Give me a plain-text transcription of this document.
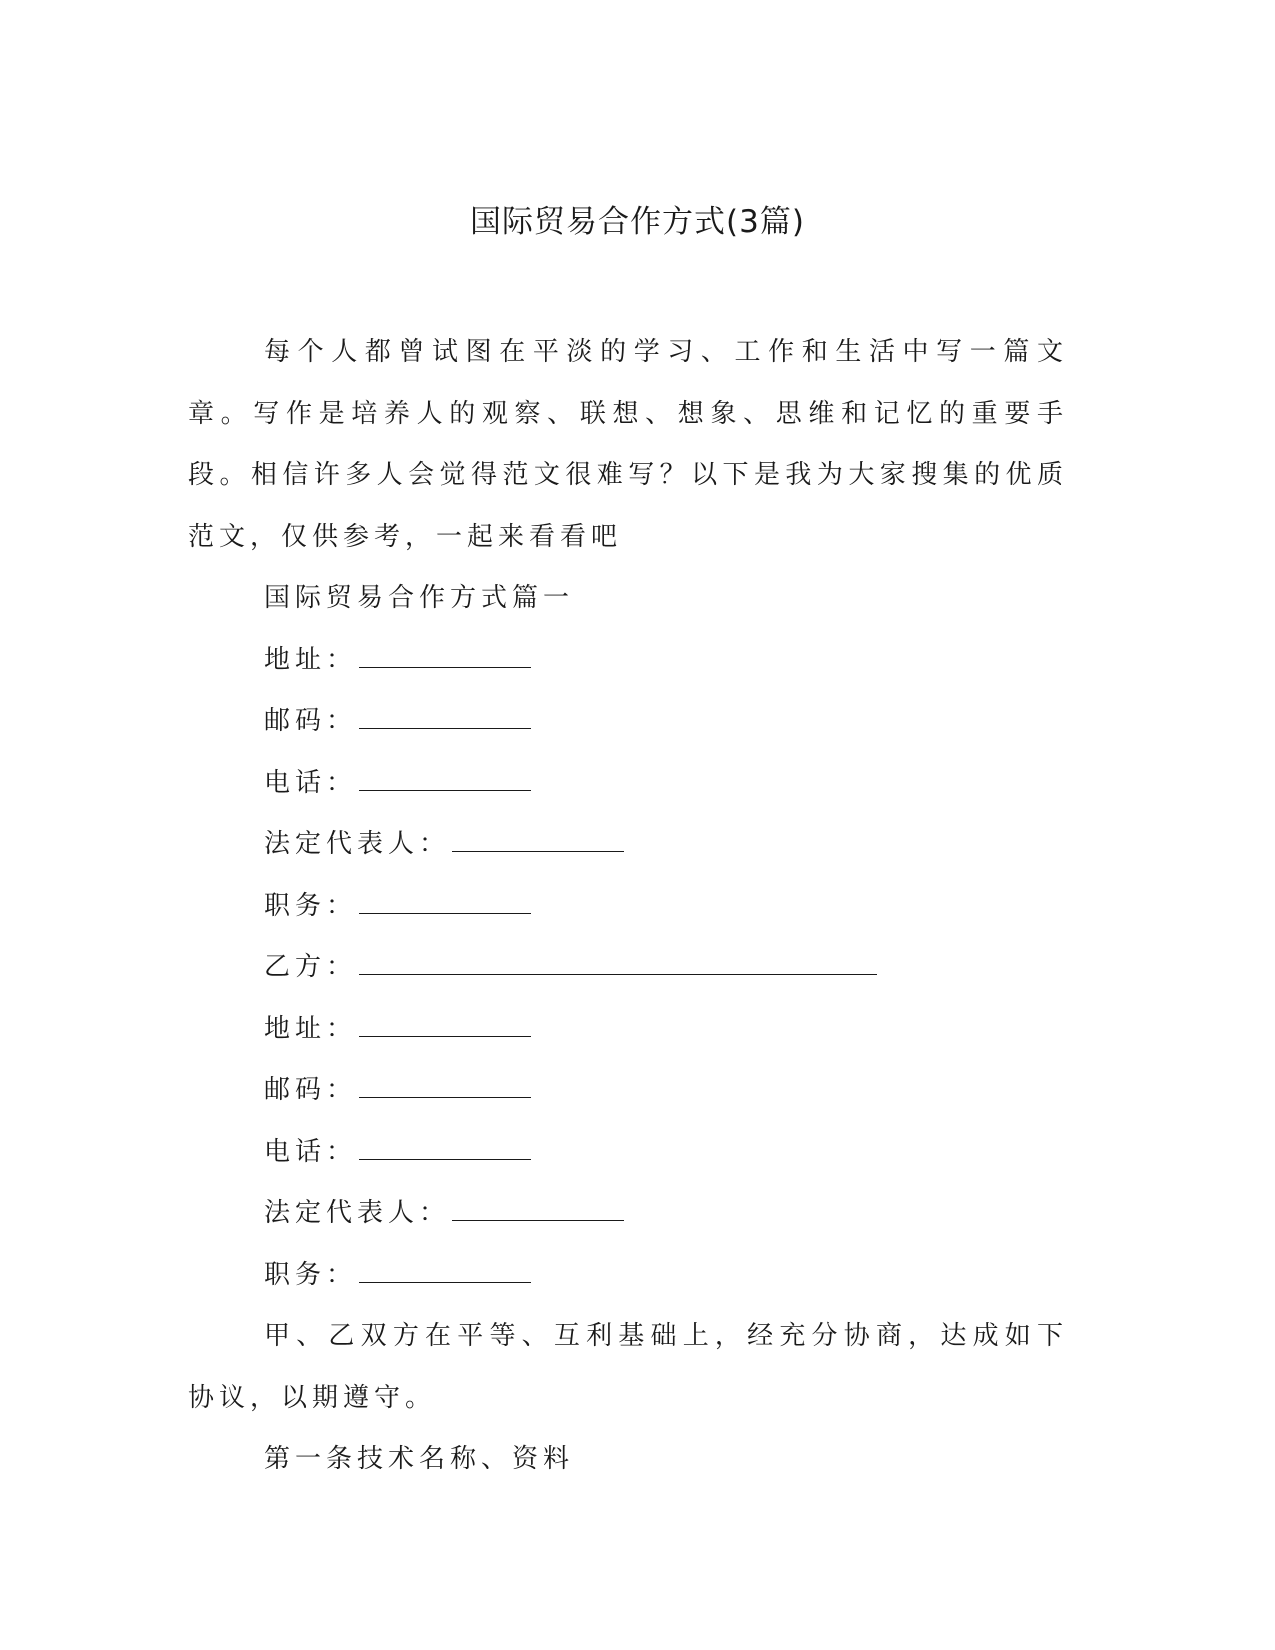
国际贸易合作方式(3篇)

每个人都曾试图在平淡的学习、工作和生活中写一篇文章。写作是培养人的观察、联想、想象、思维和记忆的重要手段。相信许多人会觉得范文很难写？以下是我为大家搜集的优质范文，仅供参考，一起来看看吧

国际贸易合作方式篇一

地址：

邮码：

电话：

法定代表人：

职务：

乙方：

地址：

邮码：

电话：

法定代表人：

职务：

甲、乙双方在平等、互利基础上，经充分协商，达成如下协议，以期遵守。

第一条技术名称、资料
